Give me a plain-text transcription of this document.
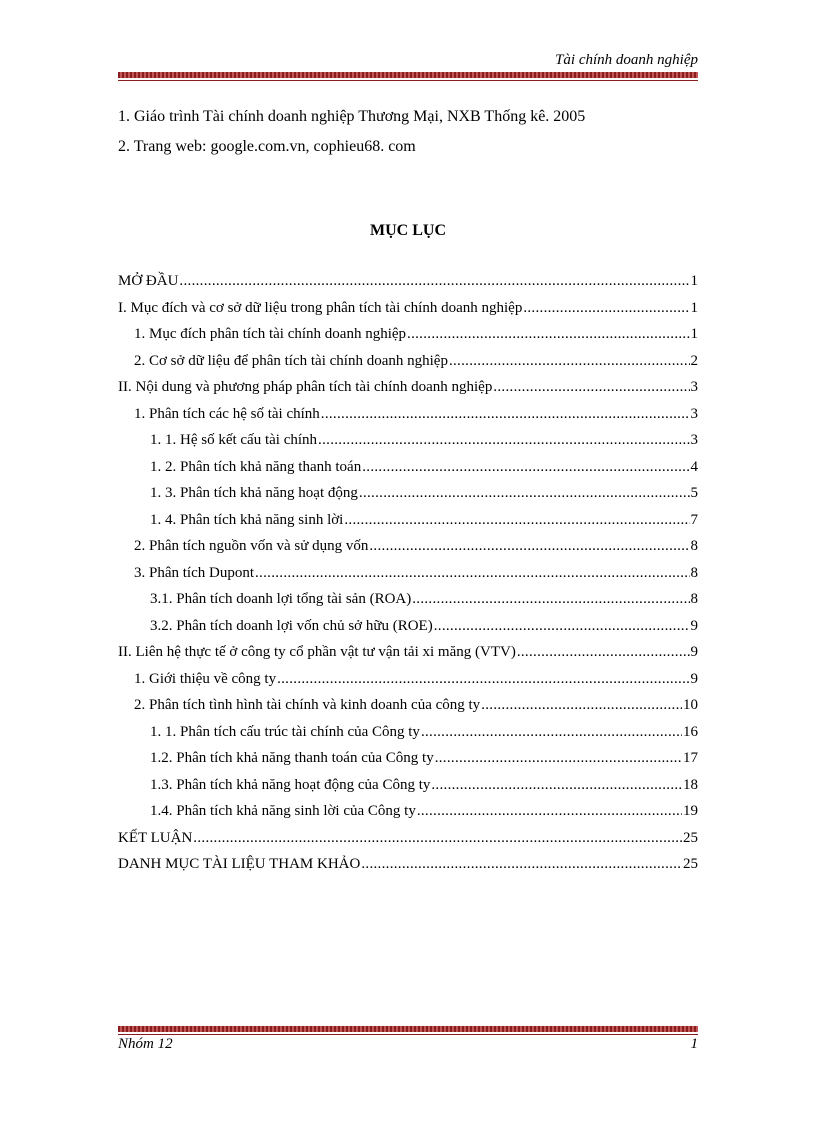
Tài chính doanh nghiệp
1. Giáo trình Tài chính doanh nghiệp Thương Mại, NXB Thống kê. 2005
2. Trang web: google.com.vn, cophieu68. com
MỤC LỤC
MỞ ĐẦU .....	1
I. Mục đích và cơ sở dữ liệu trong phân tích tài chính doanh nghiệp .....	1
1. Mục đích phân tích tài chính doanh nghiệp .....	1
2. Cơ sở dữ liệu để phân tích tài chính doanh nghiệp .....	2
II. Nội dung và phương pháp phân tích tài chính doanh nghiệp .....	3
1. Phân tích các hệ số tài chính .....	3
1. 1. Hệ số kết cấu tài chính .....	3
1. 2. Phân tích khả năng thanh toán .....	4
1. 3. Phân tích khả năng hoạt động .....	5
1. 4. Phân tích khả năng sinh lời .....	7
2. Phân tích nguồn vốn và sử dụng vốn .....	8
3. Phân tích Dupont .....	8
3.1. Phân tích doanh lợi tổng tài sản (ROA) .....	8
3.2. Phân tích doanh lợi vốn chủ sở hữu (ROE) .....	9
II. Liên hệ thực tế ở công ty cổ phần vật tư vận tải xi măng (VTV) .....	9
1. Giới thiệu về công ty .....	9
2. Phân tích tình hình tài chính và kinh doanh của công ty .....	10
1. 1. Phân tích cấu trúc tài chính của Công ty .....	16
1.2. Phân tích khả năng thanh toán của Công ty .....	17
1.3. Phân tích khả năng hoạt động của Công ty .....	18
1.4. Phân tích khả năng sinh lời của Công ty .....	19
KẾT LUẬN .....	25
DANH MỤC TÀI LIỆU THAM KHẢO .....	25
Nhóm 12	1
